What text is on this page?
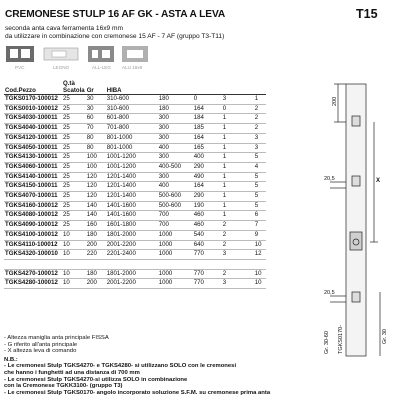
CREMONESE STULP 16 AF GK - ASTA A LEVA	T15
seconda anta cava ferramenta 16x9 mm
da utilizzare in combinazione con cremonese 15 AF - 7 AF (gruppo T3-T11)
PVC	LEGNO	ALL-LEG ALU 16x9
Cod.Pezzo	Q.tà Scatola	Gr	HIBA				
TGKS0170-100012	25	30	310-600	180	0	3	1
TGKS0010-100012	25	30	310-600	180	164	0	2
TGKS4030-100011	25	60	601-800	300	184	1	2
TGKS4040-100011	25	70	701-800	300	185	1	2
TGKS4120-100011	25	80	801-1000	300	164	1	3
TGKS4050-100011	25	80	801-1000	400	165	1	3
TGKS4130-100011	25	100	1001-1200	300	400	1	5
TGKS4060-100011	25	100	1001-1200	400-500	290	1	4
TGKS4140-100011	25	120	1201-1400	300	490	1	5
TGKS4150-100011	25	120	1201-1400	400	164	1	5
TGKS4070-100011	25	120	1201-1400	500-600	290	1	5
TGKS4160-100012	25	140	1401-1600	500-600	190	1	5
TGKS4080-100012	25	140	1401-1600	700	460	1	6
TGKS4090-100012	25	160	1601-1800	700	460	2	7
TGKS4100-100012	10	180	1801-2000	1000	540	2	9
TGKS4110-100012	10	200	2001-2200	1000	640	2	10
TGKS4320-100010	10	220	2201-2400	1000	770	3	12

TGKS4270-100012	10	180	1801-2000	1000	770	2	10
TGKS4280-100012	10	200	2001-2200	1000	770	3	10
200
20,5
20,5
X
Gr. 30
Gr. 30-60 TGKS0170-
- Altezza maniglia anta principale FISSA
- G riferito all'anta principale
- X altezza leva di comando
N.B.:
- Le cremonesi Stulp TGKS4270- e TGKS4280- si utilizzano SOLO con le cremonesi
che hanno i funghetti ad una distanza di 700 mm
- Le cremonesi Stulp TGKS4270-si utilizza SOLO in combinazione
con la Cremonese TGKK3100- (gruppo T3)
- Le cremonesi Stulp TGKS0170- angolo incorporato soluzione S.F.M. su cremonese prima anta
